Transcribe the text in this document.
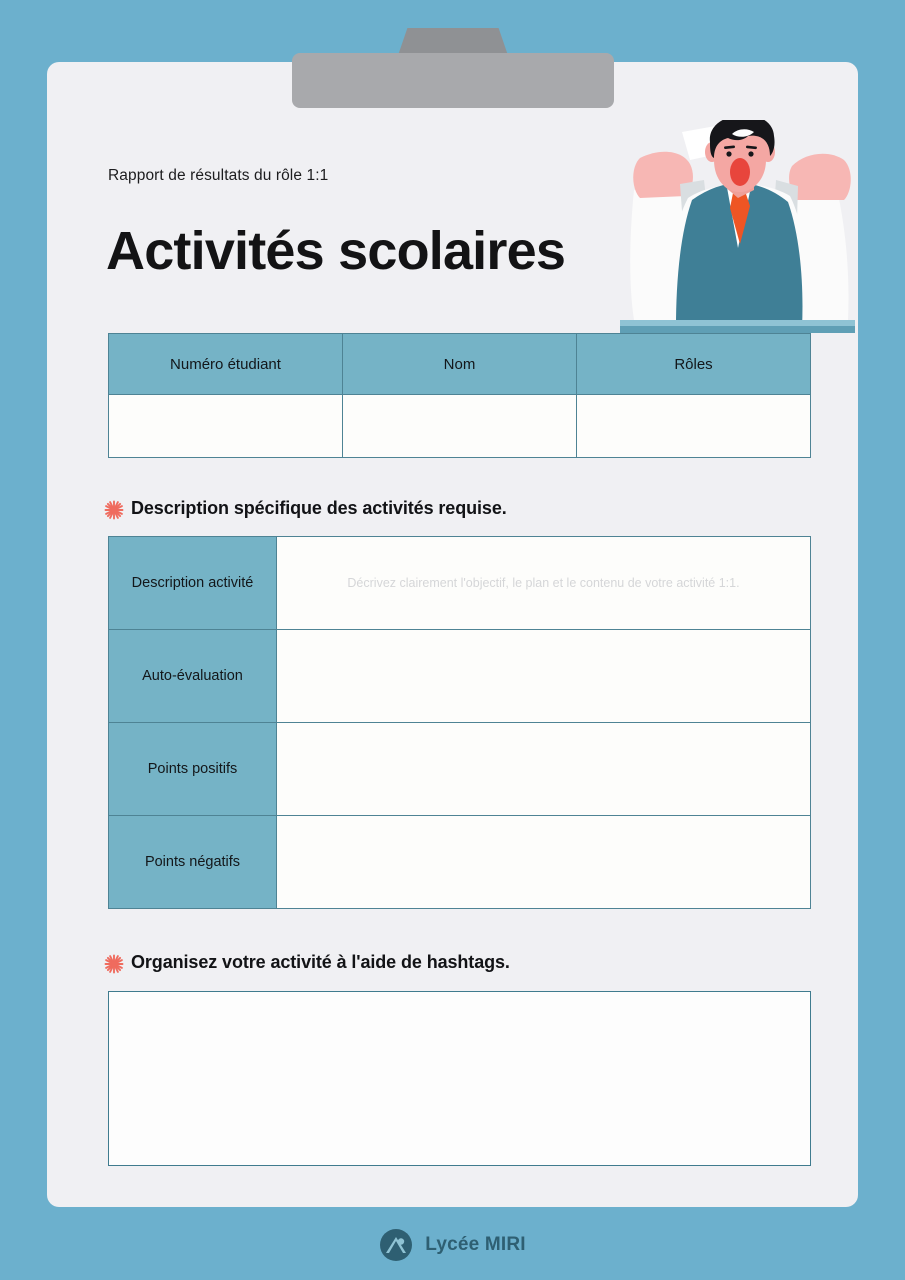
Rapport de résultats du rôle 1:1
Activités scolaires
Numéro étudiant	Nom	Rôles

Description spécifique des activités requise.
Description activité	Décrivez clairement l'objectif, le plan et le contenu de votre activité 1:1.

Auto-évaluation	
Points positifs	
Points négatifs	
Organisez votre activité à l'aide de hashtags.
Lycée MIRI
